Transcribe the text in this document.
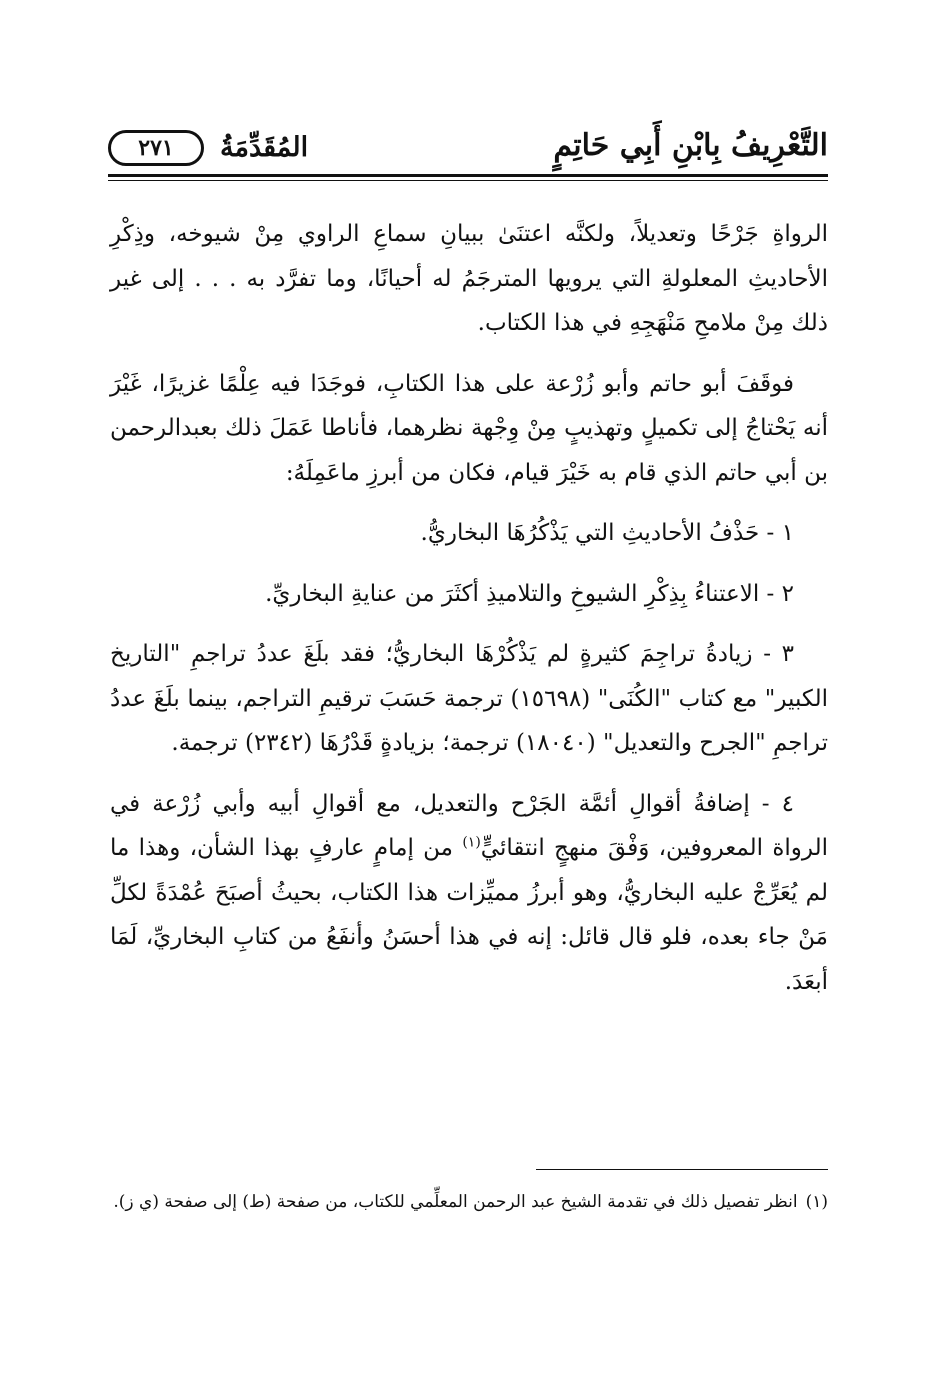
التَّعْرِيفُ بِابْنِ أَبِي حَاتِمٍ
المُقَدِّمَةُ
٢٧١

الرواةِ جَرْحًا وتعديلاً، ولكنَّه اعتنَىٰ ببيانِ سماعِ الراوي مِنْ شيوخه، وذِكْرِ الأحاديثِ المعلولةِ التي يرويها المترجَمُ له أحيانًا، وما تفرَّد به . . . إلى غير ذلك مِنْ ملامحِ مَنْهَجِهِ في هذا الكتاب.

فوقَفَ أبو حاتم وأبو زُرْعة على هذا الكتابِ، فوجَدَا فيه عِلْمًا غزيرًا، غَيْرَ أنه يَحْتاجُ إلى تكميلٍ وتهذيبٍ مِنْ وِجْهة نظرهما، فأناطا عَمَلَ ذلك بعبدالرحمن بن أبي حاتم الذي قام به خَيْرَ قيام، فكان من أبرزِ ماعَمِلَهُ:

١ - حَذْفُ الأحاديثِ التي يَذْكُرُهَا البخاريُّ.

٢ - الاعتناءُ بِذِكْرِ الشيوخِ والتلاميذِ أكثَرَ من عنايةِ البخاريِّ.

٣ - زيادةُ تراجِمَ كثيرةٍ لم يَذْكُرْهَا البخاريُّ؛ فقد بلَغَ عددُ تراجمِ "التاريخ الكبير" مع كتاب "الكُنَى" (١٥٦٩٨) ترجمة حَسَبَ ترقيمِ التراجم، بينما بلَغَ عددُ تراجمِ "الجرح والتعديل" (١٨٠٤٠) ترجمة؛ بزيادةٍ قَدْرُهَا (٢٣٤٢) ترجمة.

٤ - إضافةُ أقوالِ أئمَّة الجَرْح والتعديل، مع أقوالِ أبيه وأبي زُرْعة في الرواة المعروفين، وَفْقَ منهجٍ انتقائيٍّ$^{(١)}$ من إمامٍ عارفٍ بهذا الشأن، وهذا ما لم يُعَرِّجْ عليه البخاريُّ، وهو أبرزُ مميِّزات هذا الكتاب، بحيثُ أصبَحَ عُمْدَةً لكلِّ مَنْ جاء بعده، فلو قال قائل: إنه في هذا أحسَنُ وأنفَعُ من كتابِ البخاريِّ، لَمَا أبعَدَ.

(١)انظر تفصيل ذلك في تقدمة الشيخ عبد الرحمن المعلِّمي للكتاب، من صفحة (ط) إلى صفحة (ي ز).
